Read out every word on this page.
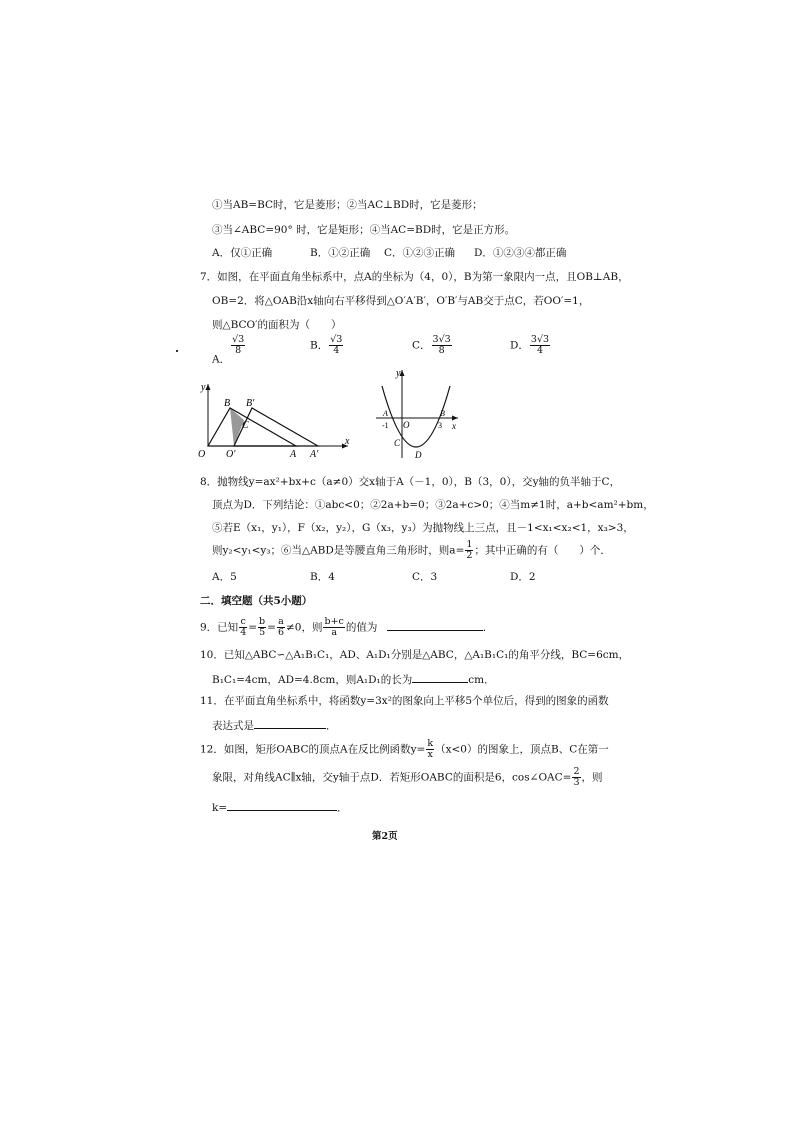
①当AB=BC时，它是菱形；②当AC⊥BD时，它是菱形；
③当∠ABC=90° 时，它是矩形；④当AC=BD时，它是正方形。
A．仅①正确	B．①②正确 C．①②③正确 D．①②③④都正确
7．如图，在平面直角坐标系中，点A的坐标为（4，0），B为第一象限内一点，且OB⊥AB，
OB=2．将△OAB沿x轴向右平移得到△O′A′B′，O′B′与AB交于点C，若OO′=1，
则△BCO′的面积为（　　）
A．
$\frac{√3}{8}$	B． $\frac{√3}{4}$	C． $\frac{3√3}{8}$	D． $\frac{3√3}{4}$
y
x
O O′	A A′
B B′
C
y
x
A
-1 O
B
3
C
D
8．抛物线y=ax²+bx+c（a≠0）交x轴于A（－1，0），B（3，0），交y轴的负半轴于C，
顶点为D．下列结论：①abc<0；②2a+b=0；③2a+c>0；④当m≠1时，a+b<am²+bm，
⑤若E（x₁，y₁），F（x₂，y₂），G（x₃，y₃）为抛物线上三点，且－1<x₁<x₂<1，x₃>3，
则y₂<y₁<y₃；⑥当△ABD是等腰直角三角形时，则$a= \frac{1}{2}$ ；其中正确的有（　　）个．
A．5	B．4	C．3	D．2
二．填空题（共5小题）
9．已知 $\frac{c}{4} = \frac{b}{5} = \frac{a}{6} \ne 0$，则 $\frac{b+c}{a}$ 的值为	．
10．已知△ABC∽△A₁B₁C₁，AD、A₁D₁分别是△ABC，△A₁B₁C₁的角平分线，BC=6cm，
B₁C₁=4cm，AD=4.8cm，则A₁D₁的长为	cm．
11．在平面直角坐标系中，将函数y=3x²的图象向上平移5个单位后，得到的图象的函数
表达式是	．
12．如图，矩形OABC的顶点A在反比例函数$y= \frac{k}{x} (x<0)$的图象上，顶点B、C在第一
象限，对角线AC∥x轴，交y轴于点D．若矩形OABC的面积是6，cos∠OAC= $\frac{2}{3}$ ，则
k=	．
第2页
